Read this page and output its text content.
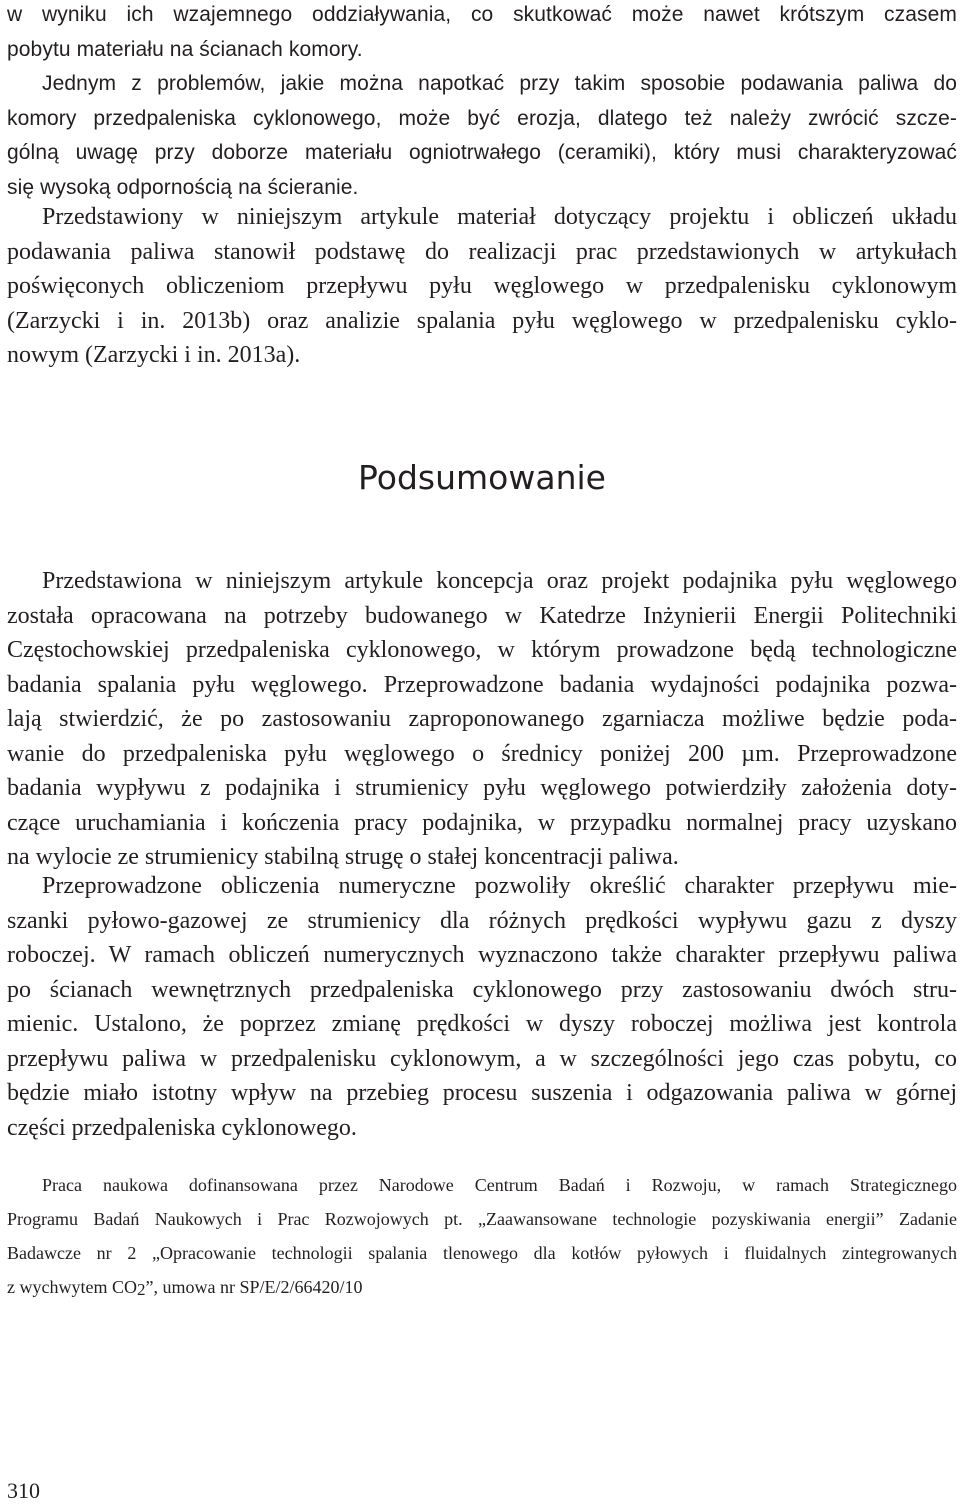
w wyniku ich wzajemnego oddziaływania, co skutkować może nawet krótszym czasem
pobytu materiału na ścianach komory.
Jednym z problemów, jakie można napotkać przy takim sposobie podawania paliwa do
komory przedpaleniska cyklonowego, może być erozja, dlatego też należy zwrócić szcze-
gólną uwagę przy doborze materiału ogniotrwałego (ceramiki), który musi charakteryzować
się wysoką odpornością na ścieranie.
Przedstawiony w niniejszym artykule materiał dotyczący projektu i obliczeń układu
podawania paliwa stanowił podstawę do realizacji prac przedstawionych w artykułach
poświęconych obliczeniom przepływu pyłu węglowego w przedpalenisku cyklonowym
(Zarzycki i in. 2013b) oraz analizie spalania pyłu węglowego w przedpalenisku cyklo-
nowym (Zarzycki i in. 2013a).
Podsumowanie
Przedstawiona w niniejszym artykule koncepcja oraz projekt podajnika pyłu węglowego
została opracowana na potrzeby budowanego w Katedrze Inżynierii Energii Politechniki
Częstochowskiej przedpaleniska cyklonowego, w którym prowadzone będą technologiczne
badania spalania pyłu węglowego. Przeprowadzone badania wydajności podajnika pozwa-
lają stwierdzić, że po zastosowaniu zaproponowanego zgarniacza możliwe będzie poda-
wanie do przedpaleniska pyłu węglowego o średnicy poniżej 200 µm. Przeprowadzone
badania wypływu z podajnika i strumienicy pyłu węglowego potwierdziły założenia doty-
czące uruchamiania i kończenia pracy podajnika, w przypadku normalnej pracy uzyskano
na wylocie ze strumienicy stabilną strugę o stałej koncentracji paliwa.
Przeprowadzone obliczenia numeryczne pozwoliły określić charakter przepływu mie-
szanki pyłowo-gazowej ze strumienicy dla różnych prędkości wypływu gazu z dyszy
roboczej. W ramach obliczeń numerycznych wyznaczono także charakter przepływu paliwa
po ścianach wewnętrznych przedpaleniska cyklonowego przy zastosowaniu dwóch stru-
mienic. Ustalono, że poprzez zmianę prędkości w dyszy roboczej możliwa jest kontrola
przepływu paliwa w przedpalenisku cyklonowym, a w szczególności jego czas pobytu, co
będzie miało istotny wpływ na przebieg procesu suszenia i odgazowania paliwa w górnej
części przedpaleniska cyklonowego.
Praca naukowa dofinansowana przez Narodowe Centrum Badań i Rozwoju, w ramach Strategicznego
Programu Badań Naukowych i Prac Rozwojowych pt. „Zaawansowane technologie pozyskiwania energii” Zadanie
Badawcze nr 2 „Opracowanie technologii spalania tlenowego dla kotłów pyłowych i fluidalnych zintegrowanych
z wychwytem $CO_2$”, umowa nr SP/E/2/66420/10
310
